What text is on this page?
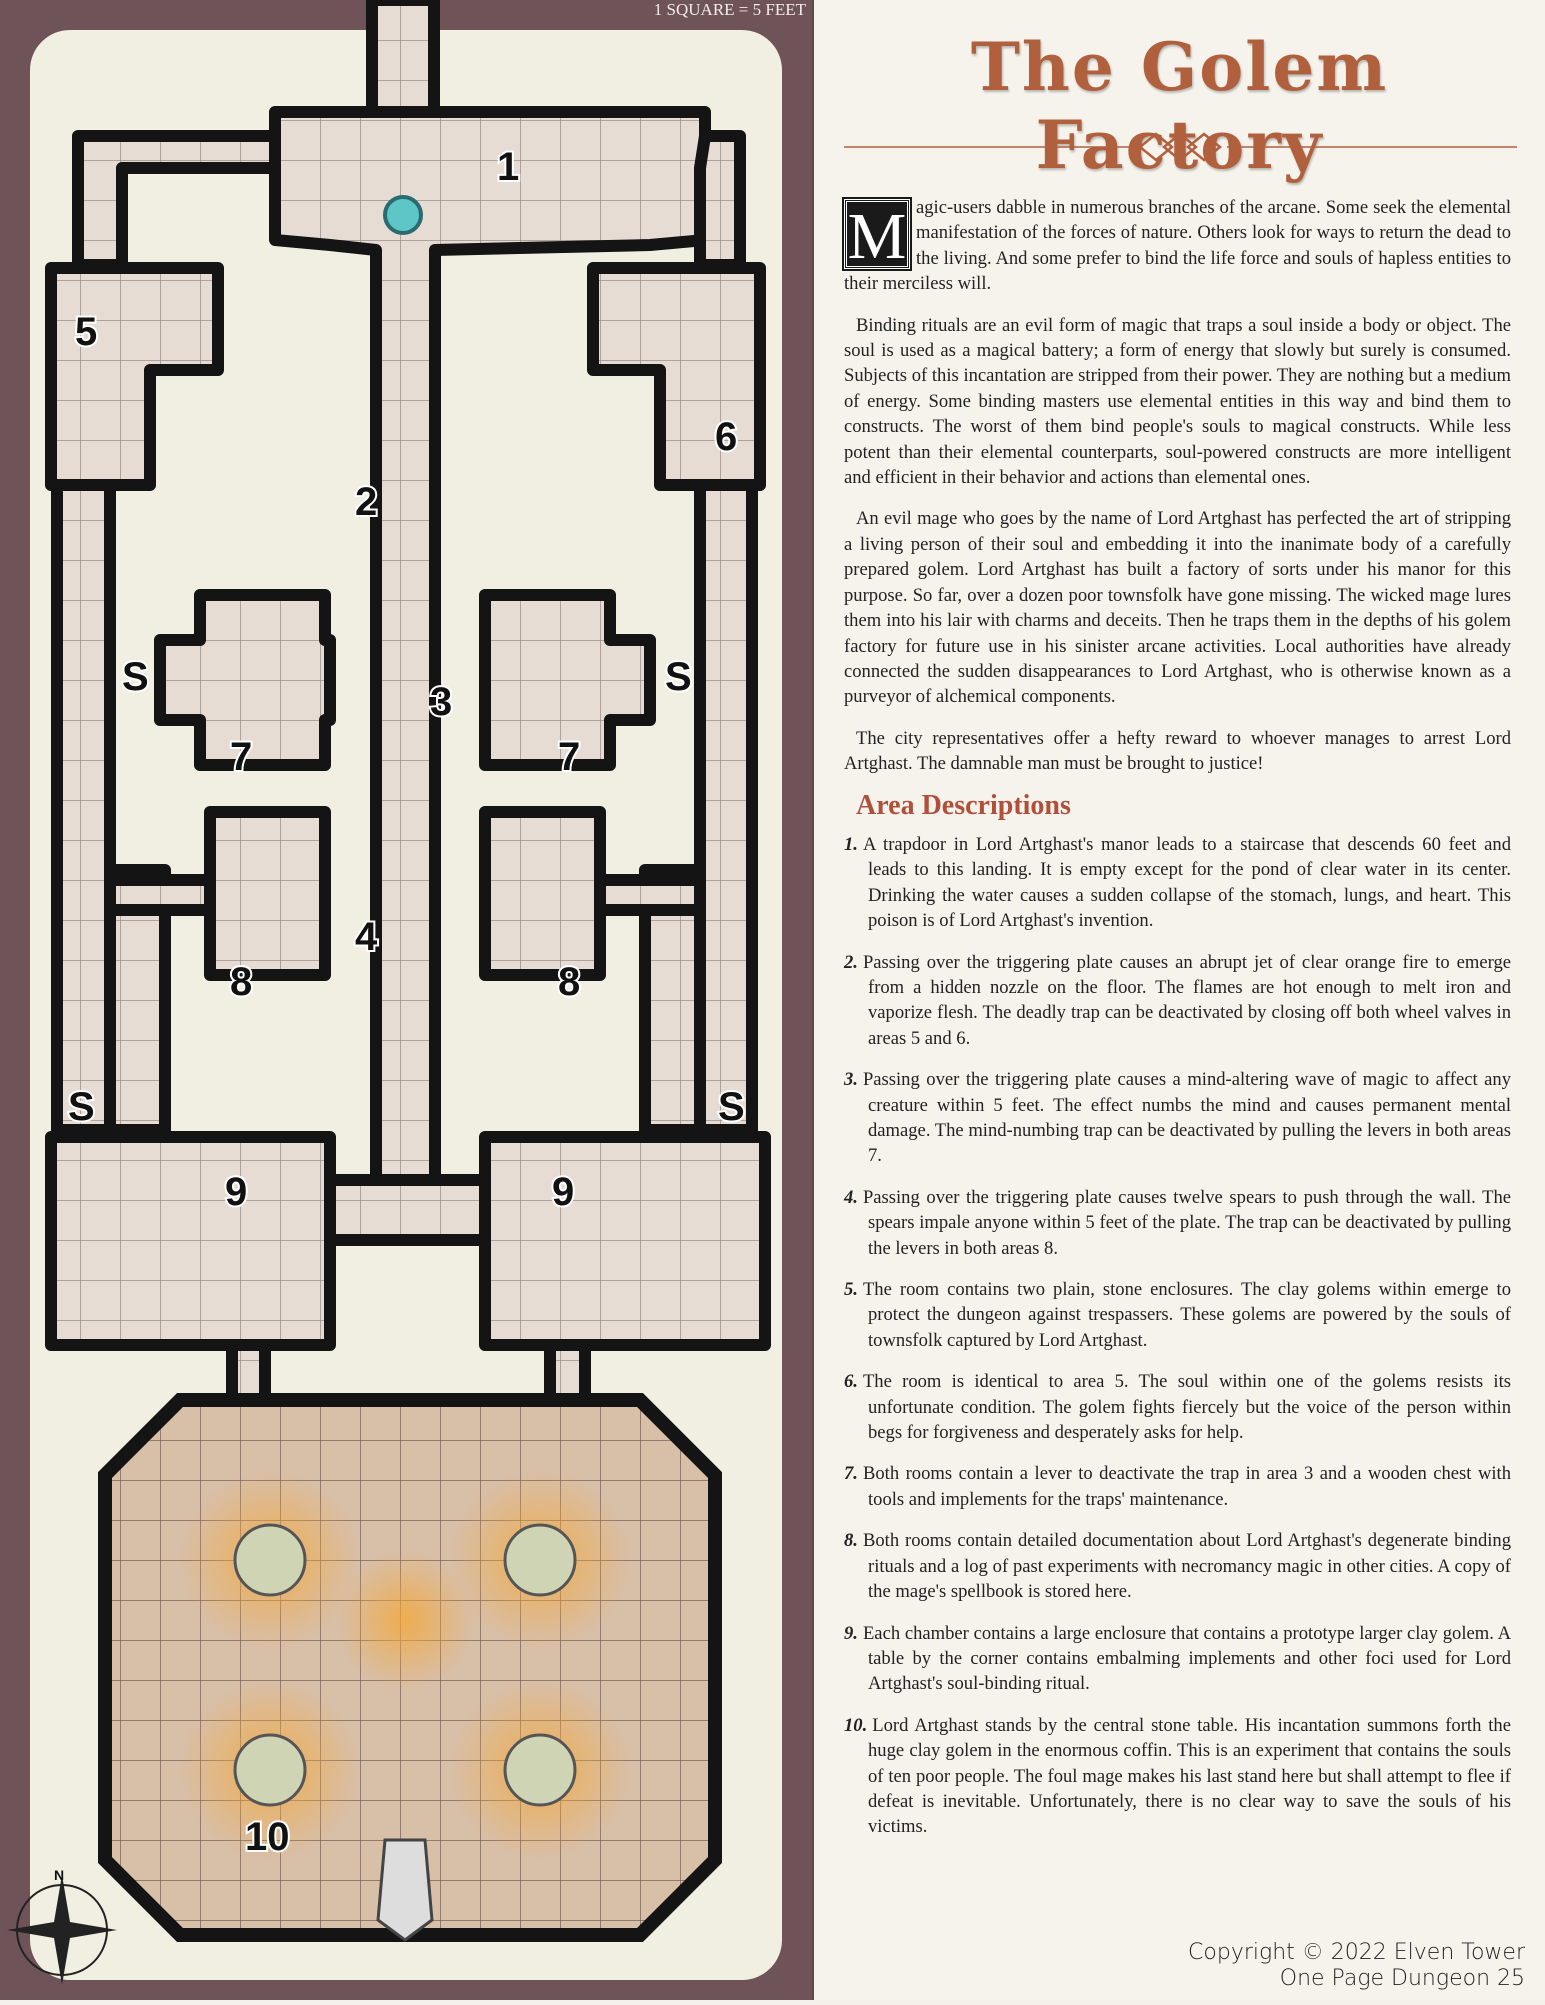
1
2
3
4
5
6
7	7
8	8
9	9
10
S	S
S	S
N
1 SQUARE = 5 FEET
The Golem Factory

M agic-users dabble in numerous branches of the arcane. Some seek the elemental manifestation of the forces of nature. Others look for ways to return the dead to the living. And some prefer to bind the life force and souls of hapless entities to their merciless will.

Binding rituals are an evil form of magic that traps a soul inside a body or object. The soul is used as a magical battery; a form of energy that slowly but surely is consumed. Subjects of this incantation are stripped from their power. They are nothing but a medium of energy. Some binding masters use elemental entities in this way and bind them to constructs. The worst of them bind people's souls to magical constructs. While less potent than their elemental counterparts, soul-powered constructs are more intelligent and efficient in their behavior and actions than elemental ones.

An evil mage who goes by the name of Lord Artghast has perfected the art of stripping a living person of their soul and embedding it into the inanimate body of a carefully prepared golem. Lord Artghast has built a factory of sorts under his manor for this purpose. So far, over a dozen poor townsfolk have gone missing. The wicked mage lures them into his lair with charms and deceits. Then he traps them in the depths of his golem factory for future use in his sinister arcane activities. Local authorities have already connected the sudden disappearances to Lord Artghast, who is otherwise known as a purveyor of alchemical components.

The city representatives offer a hefty reward to whoever manages to arrest Lord Artghast. The damnable man must be brought to justice!

Area Descriptions
1. A trapdoor in Lord Artghast's manor leads to a staircase that descends 60 feet and leads to this landing. It is empty except for the pond of clear water in its center. Drinking the water causes a sudden collapse of the stomach, lungs, and heart. This poison is of Lord Artghast's invention.
2. Passing over the triggering plate causes an abrupt jet of clear orange fire to emerge from a hidden nozzle on the floor. The flames are hot enough to melt iron and vaporize flesh. The deadly trap can be deactivated by closing off both wheel valves in areas 5 and 6.
3. Passing over the triggering plate causes a mind-altering wave of magic to affect any creature within 5 feet. The effect numbs the mind and causes permanent mental damage. The mind-numbing trap can be deactivated by pulling the levers in both areas 7.
4. Passing over the triggering plate causes twelve spears to push through the wall. The spears impale anyone within 5 feet of the plate. The trap can be deactivated by pulling the levers in both areas 8.
5. The room contains two plain, stone enclosures. The clay golems within emerge to protect the dungeon against trespassers. These golems are powered by the souls of townsfolk captured by Lord Artghast.
6. The room is identical to area 5. The soul within one of the golems resists its unfortunate condition. The golem fights fiercely but the voice of the person within begs for forgiveness and desperately asks for help.
7. Both rooms contain a lever to deactivate the trap in area 3 and a wooden chest with tools and implements for the traps' maintenance.
8. Both rooms contain detailed documentation about Lord Artghast's degenerate binding rituals and a log of past experiments with necromancy magic in other cities. A copy of the mage's spellbook is stored here.
9. Each chamber contains a large enclosure that contains a prototype larger clay golem. A table by the corner contains embalming implements and other foci used for Lord Artghast's soul-binding ritual.
10. Lord Artghast stands by the central stone table. His incantation summons forth the huge clay golem in the enormous coffin. This is an experiment that contains the souls of ten poor people. The foul mage makes his last stand here but shall attempt to flee if defeat is inevitable. Unfortunately, there is no clear way to save the souls of his victims.
Copyright © 2022 Elven Tower
One Page Dungeon 25
